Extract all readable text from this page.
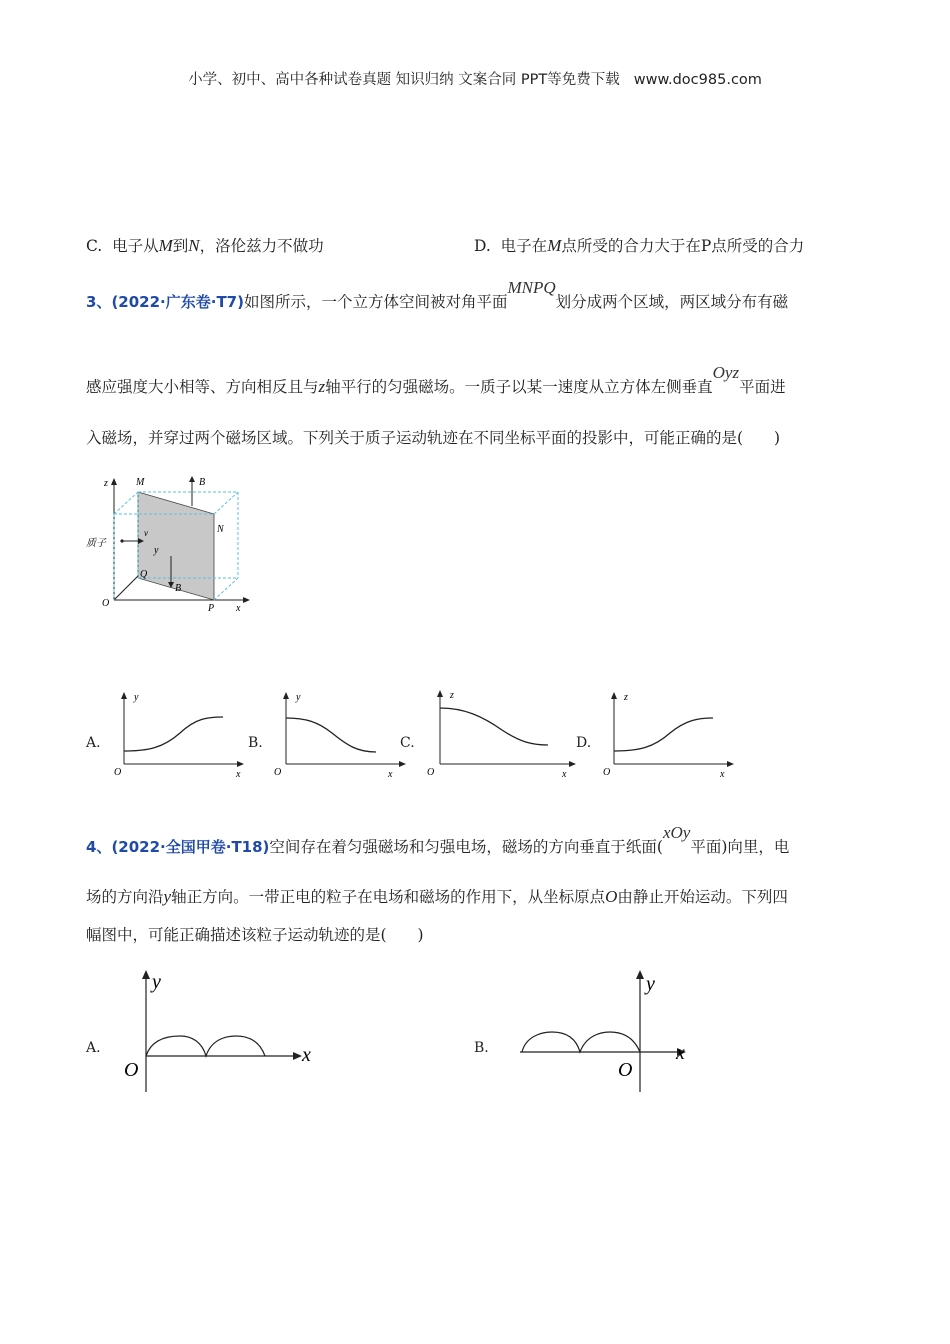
小学、初中、高中各种试卷真题 知识归纳 文案合同 PPT等免费下载 www.doc985.com
C. 电子从M到N，洛伦兹力不做功	D. 电子在M点所受的合力大于在P点所受的合力
3、(2022·广东卷·T7)如图所示，一个立方体空间被对角平面MNPQ划分成两个区域，两区域分布有磁
感应强度大小相等、方向相反且与z轴平行的匀强磁场。一质子以某一速度从立方体左侧垂直Oyz平面进
入磁场，并穿过两个磁场区域。下列关于质子运动轨迹在不同坐标平面的投影中，可能正确的是(　　)
z	M	B
N
质子
v
y
Q
B
O	P x
A.
y
O	x
B.
y
O	x
C.
z
O	x
D.
z
O	x
4、(2022·全国甲卷·T18)空间存在着匀强磁场和匀强电场，磁场的方向垂直于纸面(xOy平面)向里，电
场的方向沿y轴正方向。一带正电的粒子在电场和磁场的作用下，从坐标原点O由静止开始运动。下列四
幅图中，可能正确描述该粒子运动轨迹的是(　　)
A.
y
O
x	B.
y
O
x
